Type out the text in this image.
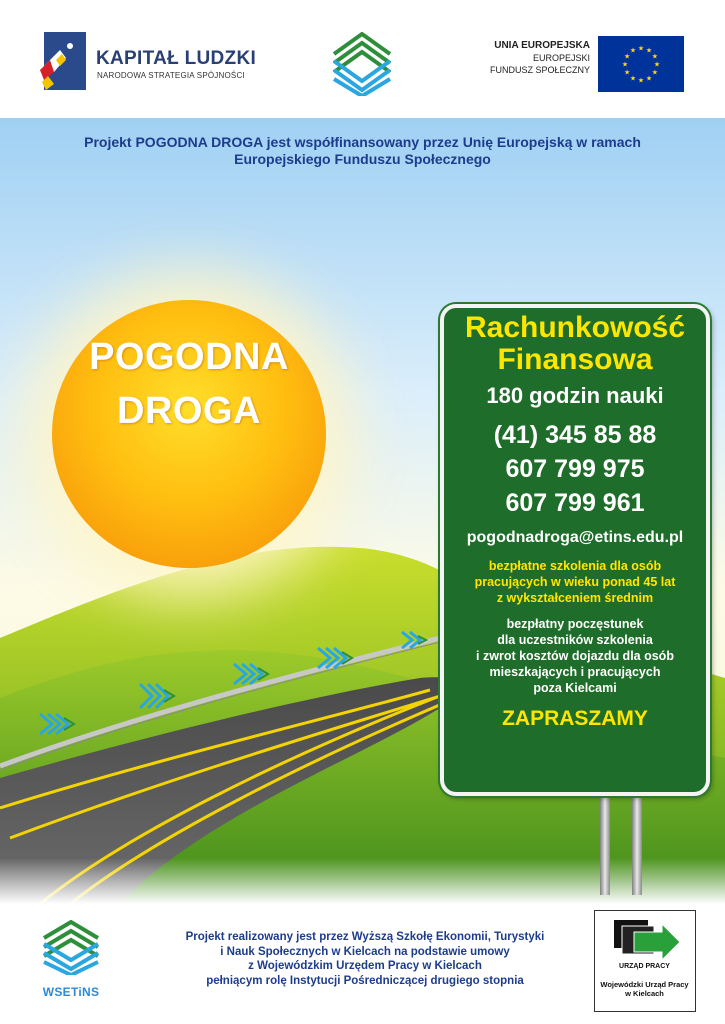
KAPITAŁ LUDZKI
NARODOWA STRATEGIA SPÓJNOŚCI
UNIA EUROPEJSKA
EUROPEJSKI
FUNDUSZ SPOŁECZNY
★ ★
★
★
★
★
★
★
★
★
★
★
Projekt POGODNA DROGA jest współfinansowany przez Unię Europejską w ramach
Europejskiego Funduszu Społecznego
POGODNA
DROGA
Rachunkowość
Finansowa
180 godzin nauki
(41) 345 85 88
607 799 975
607 799 961
pogodnadroga@etins.edu.pl
bezpłatne szkolenia dla osób
pracujących w wieku ponad 45 lat
z wykształceniem średnim
bezpłatny poczęstunek
dla uczestników szkolenia
i zwrot kosztów dojazdu dla osób
mieszkających i pracujących
poza Kielcami
ZAPRASZAMY
WSETiNS
Projekt realizowany jest przez Wyższą Szkołę Ekonomii, Turystyki
i Nauk Społecznych w Kielcach na podstawie umowy
z Wojewódzkim Urzędem Pracy w Kielcach
pełniącym rolę Instytucji Pośredniczącej drugiego stopnia
URZĄD PRACY
Wojewódzki Urząd Pracy
w Kielcach
